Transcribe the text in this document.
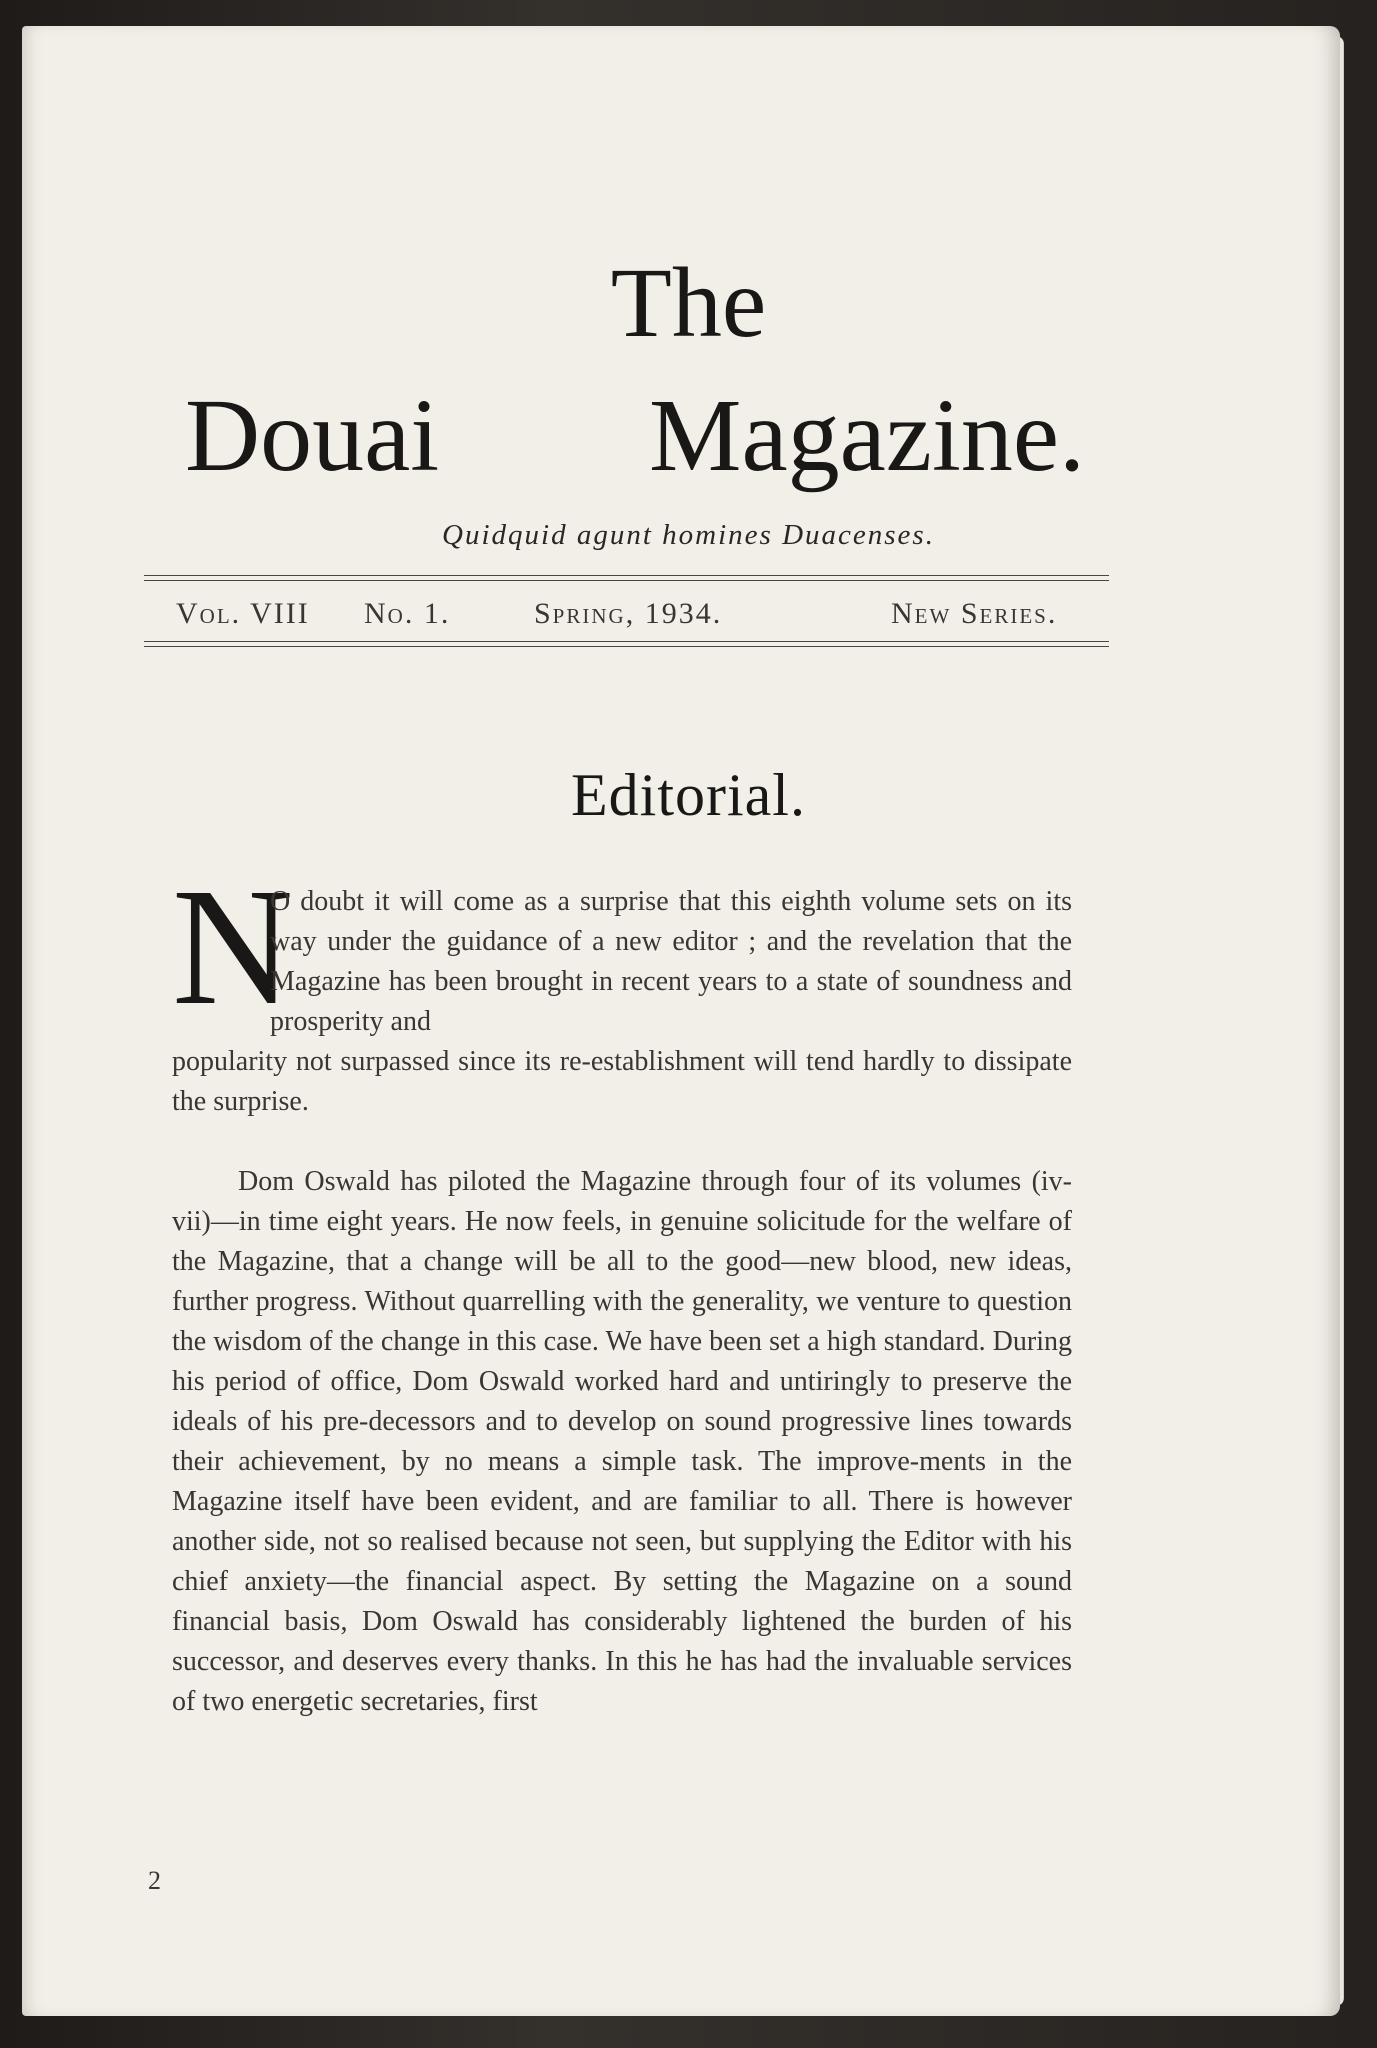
The
Douai Magazine.
Quidquid agunt homines Duacenses.
Vol. VIII No. 1.	Spring, 1934.	New Series.
Editorial.
N

O doubt it will come as a surprise that this eighth volume sets on its way under the guidance of a new editor ; and the revelation that the Magazine has been brought in recent years to a state of soundness and prosperity and

popularity not surpassed since its re-establishment will tend hardly to dissipate the surprise.

Dom Oswald has piloted the Magazine through four of its volumes (iv-vii)—in time eight years. He now feels, in genuine solicitude for the welfare of the Magazine, that a change will be all to the good—new blood, new ideas, further progress. Without quarrelling with the generality, we venture to question the wisdom of the change in this case. We have been set a high standard. During his period of office, Dom Oswald worked hard and untiringly to preserve the ideals of his pre-decessors and to develop on sound progressive lines towards their achievement, by no means a simple task. The improve-ments in the Magazine itself have been evident, and are familiar to all. There is however another side, not so realised because not seen, but supplying the Editor with his chief anxiety—the financial aspect. By setting the Magazine on a sound financial basis, Dom Oswald has considerably lightened the burden of his successor, and deserves every thanks. In this he has had the invaluable services of two energetic secretaries, first

2
